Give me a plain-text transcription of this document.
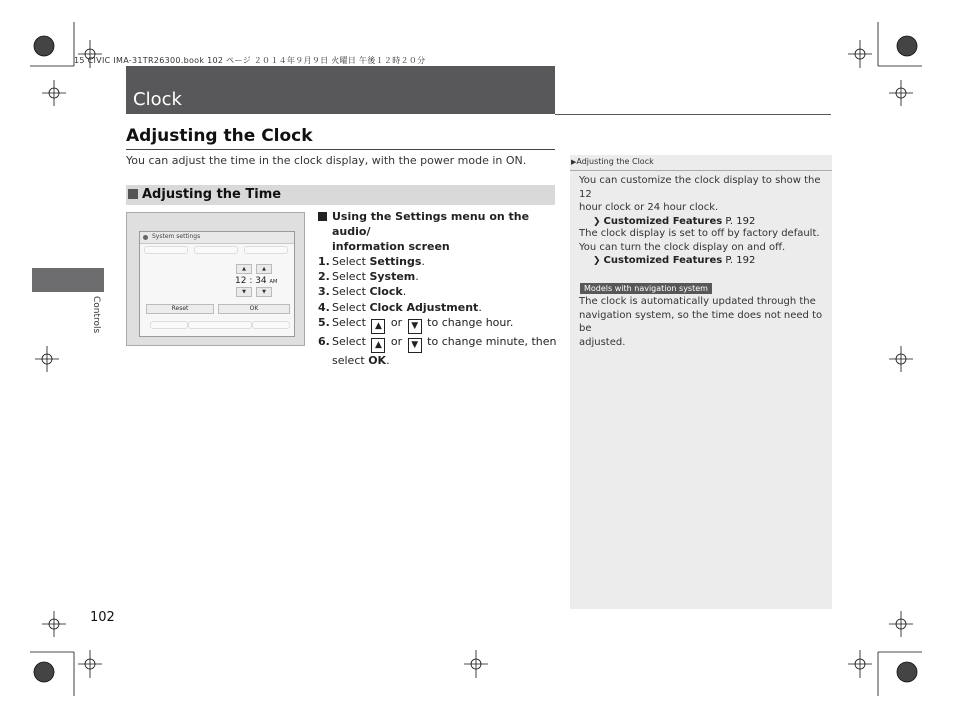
15 CIVIC IMA-31TR26300.book 102 ページ ２０１４年９月９日 火曜日 午後１２時２０分
Clock
Adjusting the Clock
You can adjust the time in the clock display, with the power mode in ON.
Adjusting the Time
Controls
System settings
▲	▲
12 : 34 AM
▼	▼
Reset	OK
Using the Settings menu on the audio/
information screen
1. Select Settings.
2. Select System.
3. Select Clock.
4. Select Clock Adjustment.
5. Select ▲ or ▼ to change hour.
6. Select ▲ or ▼ to change minute, then
select OK.
▶Adjusting the Clock
You can customize the clock display to show the 12
hour clock or 24 hour clock.
❯ Customized Features P. 192
The clock display is set to off by factory default.
You can turn the clock display on and off.
❯ Customized Features P. 192
Models with navigation system
The clock is automatically updated through the
navigation system, so the time does not need to be
adjusted.
102
